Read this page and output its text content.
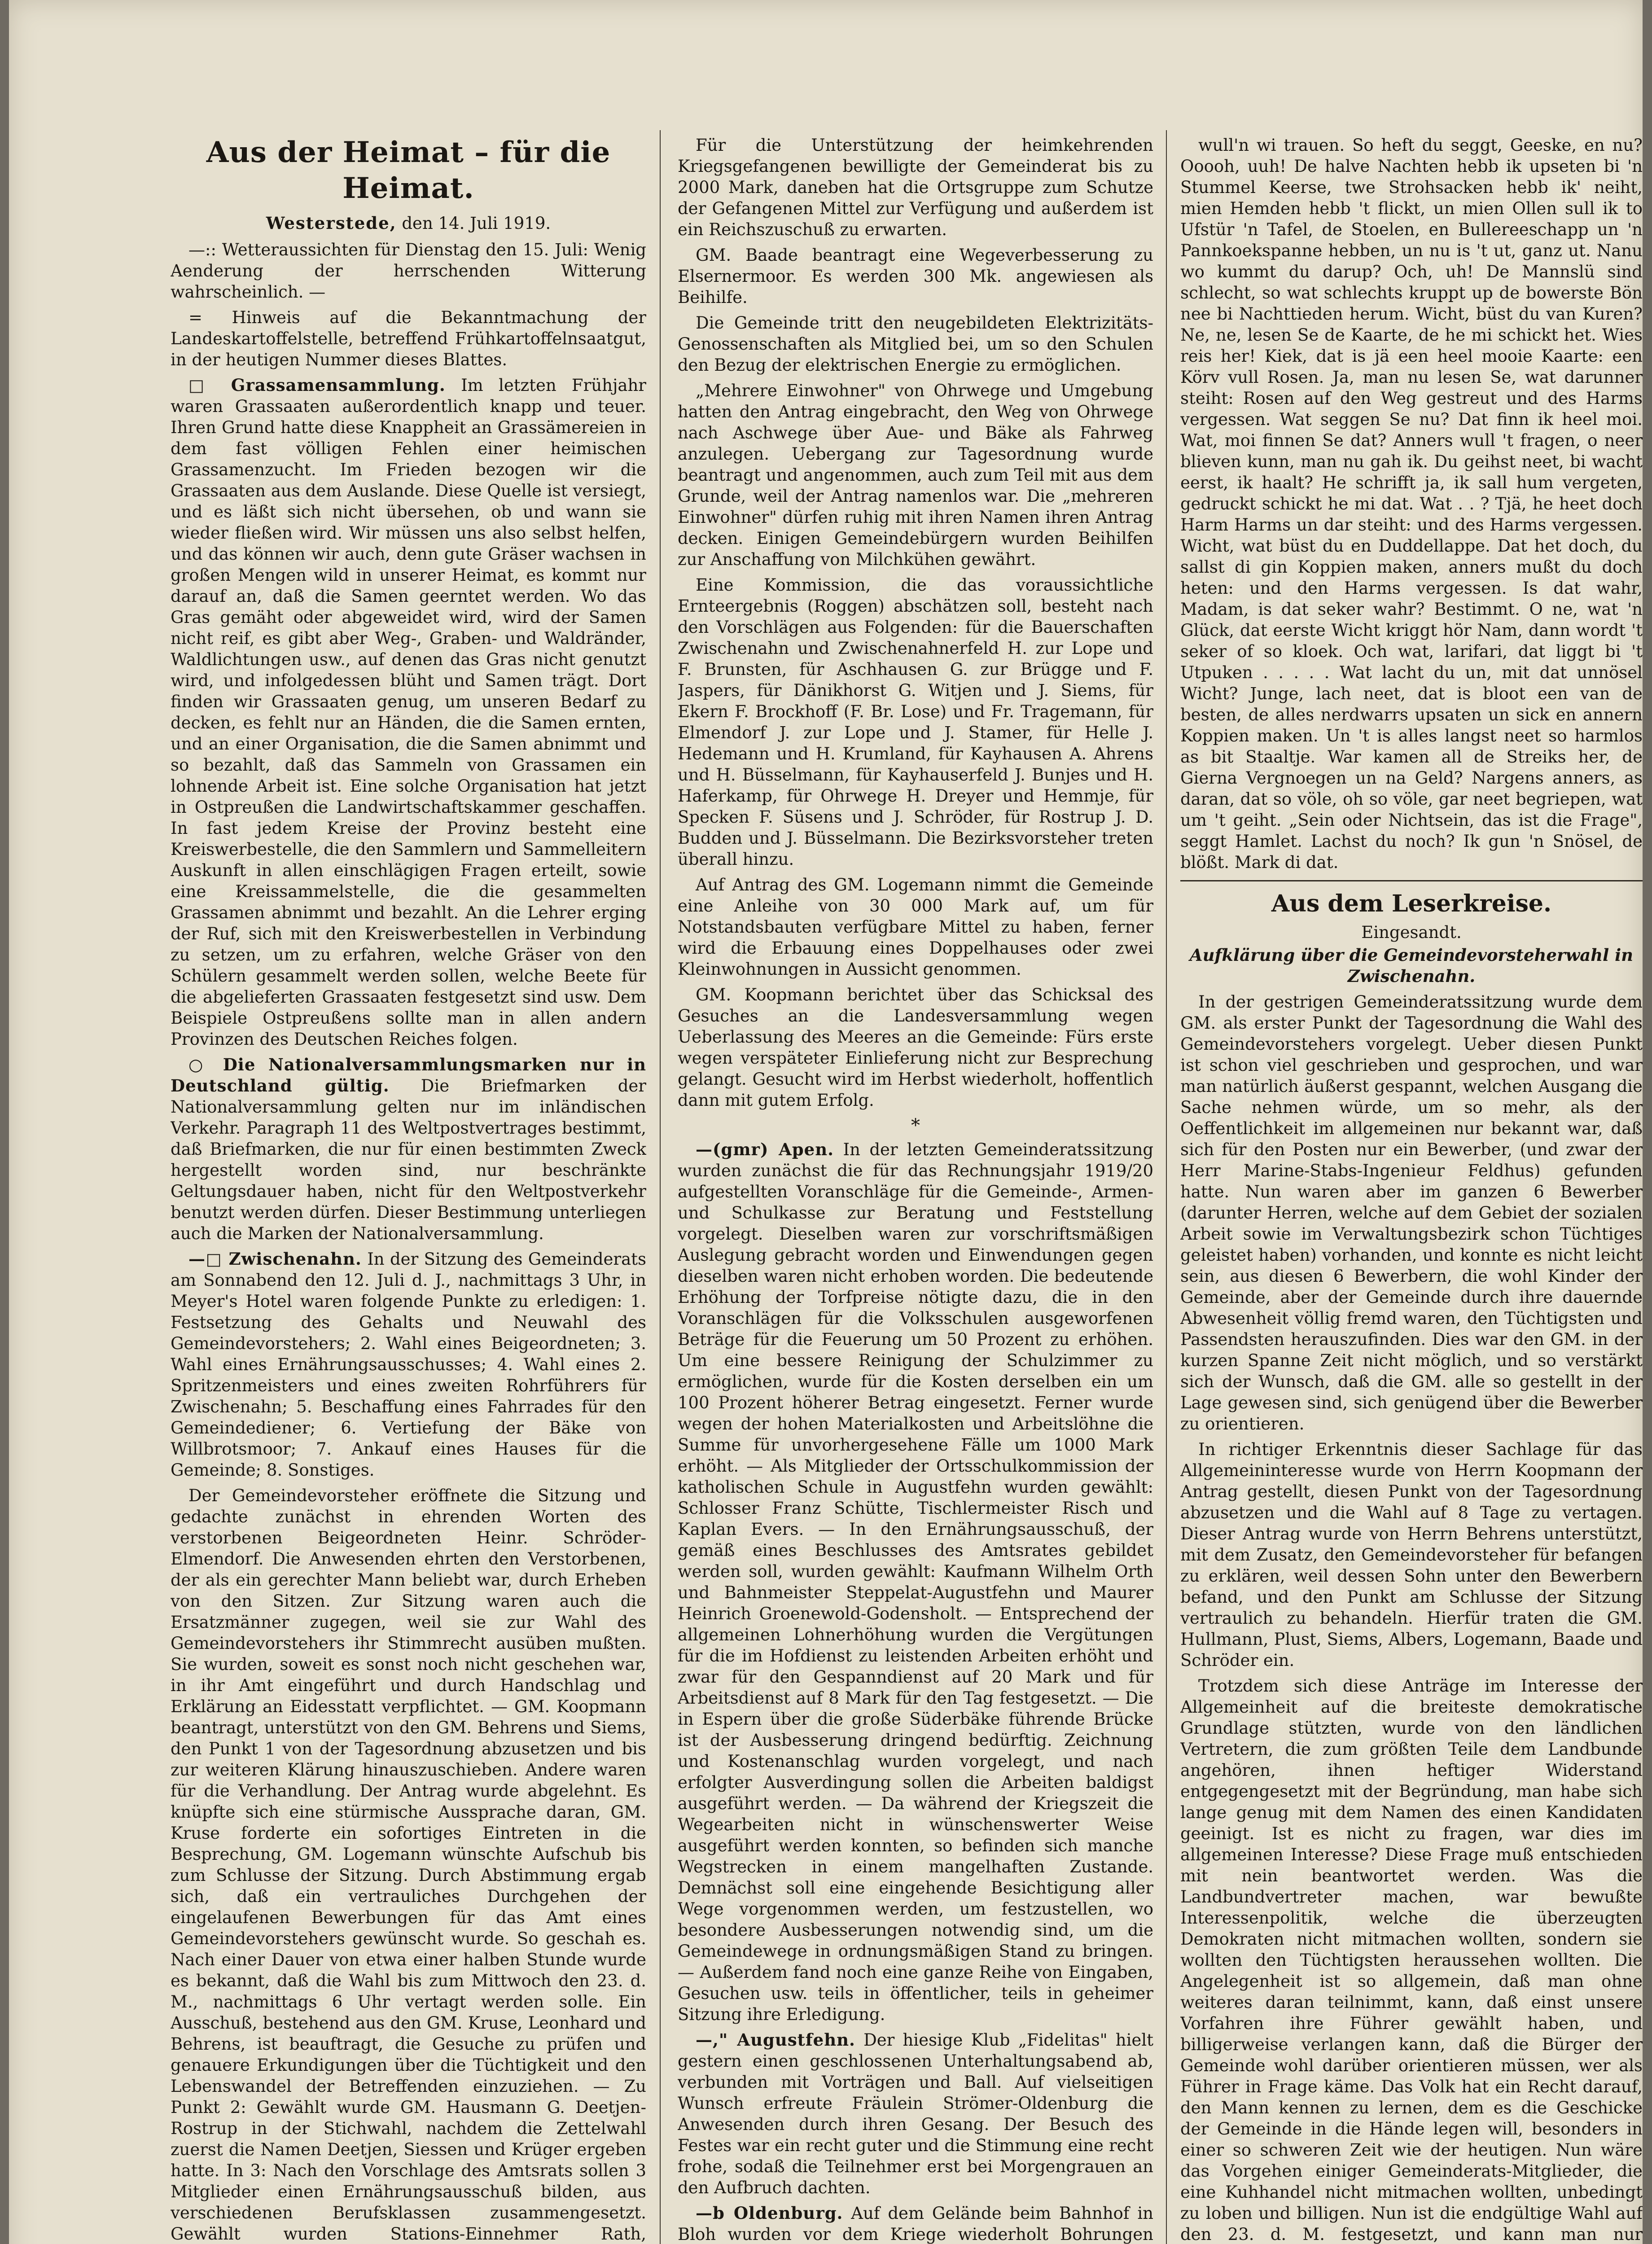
Aus der Heimat – für die Heimat.
Westerstede, den 14. Juli 1919.

—:: Wetteraussichten für Dienstag den 15. Juli: Wenig Aenderung der herrschenden Witterung wahrscheinlich. —

= Hinweis auf die Bekanntmachung der Landeskartoffelstelle, betreffend Frühkartoffelnsaatgut, in der heutigen Nummer dieses Blattes.

□ Grassamensammlung. Im letzten Frühjahr waren Grassaaten außerordentlich knapp und teuer. Ihren Grund hatte diese Knappheit an Grassämereien in dem fast völligen Fehlen einer heimischen Grassamenzucht. Im Frieden bezogen wir die Grassaaten aus dem Auslande. Diese Quelle ist versiegt, und es läßt sich nicht übersehen, ob und wann sie wieder fließen wird. Wir müssen uns also selbst helfen, und das können wir auch, denn gute Gräser wachsen in großen Mengen wild in unserer Heimat, es kommt nur darauf an, daß die Samen geerntet werden. Wo das Gras gemäht oder abgeweidet wird, wird der Samen nicht reif, es gibt aber Weg-, Graben- und Waldränder, Waldlichtungen usw., auf denen das Gras nicht genutzt wird, und infolgedessen blüht und Samen trägt. Dort finden wir Grassaaten genug, um unseren Bedarf zu decken, es fehlt nur an Händen, die die Samen ernten, und an einer Organisation, die die Samen abnimmt und so bezahlt, daß das Sammeln von Grassamen ein lohnende Arbeit ist. Eine solche Organisation hat jetzt in Ostpreußen die Landwirtschaftskammer geschaffen. In fast jedem Kreise der Provinz besteht eine Kreiswerbestelle, die den Sammlern und Sammelleitern Auskunft in allen einschlägigen Fragen erteilt, sowie eine Kreissammelstelle, die die gesammelten Grassamen abnimmt und bezahlt. An die Lehrer erging der Ruf, sich mit den Kreiswerbestellen in Verbindung zu setzen, um zu erfahren, welche Gräser von den Schülern gesammelt werden sollen, welche Beete für die abgelieferten Grassaaten festgesetzt sind usw. Dem Beispiele Ostpreußens sollte man in allen andern Provinzen des Deutschen Reiches folgen.

○ Die Nationalversammlungsmarken nur in Deutschland gültig. Die Briefmarken der Nationalversammlung gelten nur im inländischen Verkehr. Paragraph 11 des Weltpostvertrages bestimmt, daß Briefmarken, die nur für einen bestimmten Zweck hergestellt worden sind, nur beschränkte Geltungsdauer haben, nicht für den Weltpostverkehr benutzt werden dürfen. Dieser Bestimmung unterliegen auch die Marken der Nationalversammlung.

—□ Zwischenahn. In der Sitzung des Gemeinderats am Sonnabend den 12. Juli d. J., nachmittags 3 Uhr, in Meyer's Hotel waren folgende Punkte zu erledigen: 1. Festsetzung des Gehalts und Neuwahl des Gemeindevorstehers; 2. Wahl eines Beigeordneten; 3. Wahl eines Ernährungsausschusses; 4. Wahl eines 2. Spritzenmeisters und eines zweiten Rohrführers für Zwischenahn; 5. Beschaffung eines Fahrrades für den Gemeindediener; 6. Vertiefung der Bäke von Willbrotsmoor; 7. Ankauf eines Hauses für die Gemeinde; 8. Sonstiges.

Der Gemeindevorsteher eröffnete die Sitzung und gedachte zunächst in ehrenden Worten des verstorbenen Beigeordneten Heinr. Schröder-Elmendorf. Die Anwesenden ehrten den Verstorbenen, der als ein gerechter Mann beliebt war, durch Erheben von den Sitzen. Zur Sitzung waren auch die Ersatzmänner zugegen, weil sie zur Wahl des Gemeindevorstehers ihr Stimmrecht ausüben mußten. Sie wurden, soweit es sonst noch nicht geschehen war, in ihr Amt eingeführt und durch Handschlag und Erklärung an Eidesstatt verpflichtet. — GM. Koopmann beantragt, unterstützt von den GM. Behrens und Siems, den Punkt 1 von der Tagesordnung abzusetzen und bis zur weiteren Klärung hinauszuschieben. Andere waren für die Verhandlung. Der Antrag wurde abgelehnt. Es knüpfte sich eine stürmische Aussprache daran, GM. Kruse forderte ein sofortiges Eintreten in die Besprechung, GM. Logemann wünschte Aufschub bis zum Schlusse der Sitzung. Durch Abstimmung ergab sich, daß ein vertrauliches Durchgehen der eingelaufenen Bewerbungen für das Amt eines Gemeindevorstehers gewünscht wurde. So geschah es. Nach einer Dauer von etwa einer halben Stunde wurde es bekannt, daß die Wahl bis zum Mittwoch den 23. d. M., nachmittags 6 Uhr vertagt werden solle. Ein Ausschuß, bestehend aus den GM. Kruse, Leonhard und Behrens, ist beauftragt, die Gesuche zu prüfen und genauere Erkundigungen über die Tüchtigkeit und den Lebenswandel der Betreffenden einzuziehen. — Zu Punkt 2: Gewählt wurde GM. Hausmann G. Deetjen-Rostrup in der Stichwahl, nachdem die Zettelwahl zuerst die Namen Deetjen, Siessen und Krüger ergeben hatte. In 3: Nach den Vorschlage des Amtsrats sollen 3 Mitglieder einen Ernährungsausschuß bilden, aus verschiedenen Berufsklassen zusammengesetzt. Gewählt wurden Stations-Einnehmer Rath,

Für die Unterstützung der heimkehrenden Kriegsgefangenen bewilligte der Gemeinderat bis zu 2000 Mark, daneben hat die Ortsgruppe zum Schutze der Gefangenen Mittel zur Verfügung und außerdem ist ein Reichszuschuß zu erwarten.

GM. Baade beantragt eine Wegeverbesserung zu Elsernermoor. Es werden 300 Mk. angewiesen als Beihilfe.

Die Gemeinde tritt den neugebildeten Elektrizitäts-Genossenschaften als Mitglied bei, um so den Schulen den Bezug der elektrischen Energie zu ermöglichen.

„Mehrere Einwohner" von Ohrwege und Umgebung hatten den Antrag eingebracht, den Weg von Ohrwege nach Aschwege über Aue- und Bäke als Fahrweg anzulegen. Uebergang zur Tagesordnung wurde beantragt und angenommen, auch zum Teil mit aus dem Grunde, weil der Antrag namenlos war. Die „mehreren Einwohner" dürfen ruhig mit ihren Namen ihren Antrag decken. Einigen Gemeindebürgern wurden Beihilfen zur Anschaffung von Milchkühen gewährt.

Eine Kommission, die das voraussichtliche Ernteergebnis (Roggen) abschätzen soll, besteht nach den Vorschlägen aus Folgenden: für die Bauerschaften Zwischenahn und Zwischenahnerfeld H. zur Lope und F. Brunsten, für Aschhausen G. zur Brügge und F. Jaspers, für Dänikhorst G. Witjen und J. Siems, für Ekern F. Brockhoff (F. Br. Lose) und Fr. Tragemann, für Elmendorf J. zur Lope und J. Stamer, für Helle J. Hedemann und H. Krumland, für Kayhausen A. Ahrens und H. Büsselmann, für Kayhauserfeld J. Bunjes und H. Haferkamp, für Ohrwege H. Dreyer und Hemmje, für Specken F. Süsens und J. Schröder, für Rostrup J. D. Budden und J. Büsselmann. Die Bezirksvorsteher treten überall hinzu.

Auf Antrag des GM. Logemann nimmt die Gemeinde eine Anleihe von 30 000 Mark auf, um für Notstandsbauten verfügbare Mittel zu haben, ferner wird die Erbauung eines Doppelhauses oder zwei Kleinwohnungen in Aussicht genommen.

GM. Koopmann berichtet über das Schicksal des Gesuches an die Landesversammlung wegen Ueberlassung des Meeres an die Gemeinde: Fürs erste wegen verspäteter Einlieferung nicht zur Besprechung gelangt. Gesucht wird im Herbst wiederholt, hoffentlich dann mit gutem Erfolg.

*

—(gmr) Apen. In der letzten Gemeinderatssitzung wurden zunächst die für das Rechnungsjahr 1919/20 aufgestellten Voranschläge für die Gemeinde-, Armen- und Schulkasse zur Beratung und Feststellung vorgelegt. Dieselben waren zur vorschriftsmäßigen Auslegung gebracht worden und Einwendungen gegen dieselben waren nicht erhoben worden. Die bedeutende Erhöhung der Torfpreise nötigte dazu, die in den Voranschlägen für die Volksschulen ausgeworfenen Beträge für die Feuerung um 50 Prozent zu erhöhen. Um eine bessere Reinigung der Schulzimmer zu ermöglichen, wurde für die Kosten derselben ein um 100 Prozent höherer Betrag eingesetzt. Ferner wurde wegen der hohen Materialkosten und Arbeitslöhne die Summe für unvorhergesehene Fälle um 1000 Mark erhöht. — Als Mitglieder der Ortsschulkommission der katholischen Schule in Augustfehn wurden gewählt: Schlosser Franz Schütte, Tischlermeister Risch und Kaplan Evers. — In den Ernährungsausschuß, der gemäß eines Beschlusses des Amtsrates gebildet werden soll, wurden gewählt: Kaufmann Wilhelm Orth und Bahnmeister Steppelat-Augustfehn und Maurer Heinrich Groenewold-Godensholt. — Entsprechend der allgemeinen Lohnerhöhung wurden die Vergütungen für die im Hofdienst zu leistenden Arbeiten erhöht und zwar für den Gespanndienst auf 20 Mark und für Arbeitsdienst auf 8 Mark für den Tag festgesetzt. — Die in Espern über die große Süderbäke führende Brücke ist der Ausbesserung dringend bedürftig. Zeichnung und Kostenanschlag wurden vorgelegt, und nach erfolgter Ausverdingung sollen die Arbeiten baldigst ausgeführt werden. — Da während der Kriegszeit die Wegearbeiten nicht in wünschenswerter Weise ausgeführt werden konnten, so befinden sich manche Wegstrecken in einem mangelhaften Zustande. Demnächst soll eine eingehende Besichtigung aller Wege vorgenommen werden, um festzustellen, wo besondere Ausbesserungen notwendig sind, um die Gemeindewege in ordnungsmäßigen Stand zu bringen. — Außerdem fand noch eine ganze Reihe von Eingaben, Gesuchen usw. teils in öffentlicher, teils in geheimer Sitzung ihre Erledigung.

—," Augustfehn. Der hiesige Klub „Fidelitas" hielt gestern einen geschlossenen Unterhaltungsabend ab, verbunden mit Vorträgen und Ball. Auf vielseitigen Wunsch erfreute Fräulein Strömer-Oldenburg die Anwesenden durch ihren Gesang. Der Besuch des Festes war ein recht guter und die Stimmung eine recht frohe, sodaß die Teilnehmer erst bei Morgengrauen an den Aufbruch dachten.

—b Oldenburg. Auf dem Gelände beim Bahnhof in Bloh wurden vor dem Kriege wiederholt Bohrungen

wull'n wi trauen. So heft du seggt, Geeske, en nu? Ooooh, uuh! De halve Nachten hebb ik upseten bi 'n Stummel Keerse, twe Strohsacken hebb ik' neiht, mien Hemden hebb 't flickt, un mien Ollen sull ik to Ufstür 'n Tafel, de Stoelen, en Bullereeschapp un 'n Pannkoekspanne hebben, un nu is 't ut, ganz ut. Nanu wo kummt du darup? Och, uh! De Mannslü sind schlecht, so wat schlechts kruppt up de bowerste Bön nee bi Nachttieden herum. Wicht, büst du van Kuren? Ne, ne, lesen Se de Kaarte, de he mi schickt het. Wies reis her! Kiek, dat is jä een heel mooie Kaarte: een Körv vull Rosen. Ja, man nu lesen Se, wat darunner steiht: Rosen auf den Weg gestreut und des Harms vergessen. Wat seggen Se nu? Dat finn ik heel moi. Wat, moi finnen Se dat? Anners wull 't fragen, o neer blieven kunn, man nu gah ik. Du geihst neet, bi wacht eerst, ik haalt? He schrifft ja, ik sall hum vergeten, gedruckt schickt he mi dat. Wat . . ? Tjä, he heet doch Harm Harms un dar steiht: und des Harms vergessen. Wicht, wat büst du en Duddellappe. Dat het doch, du sallst di gin Koppien maken, anners mußt du doch heten: und den Harms vergessen. Is dat wahr, Madam, is dat seker wahr? Bestimmt. O ne, wat 'n Glück, dat eerste Wicht kriggt hör Nam, dann wordt 't seker of so kloek. Och wat, larifari, dat liggt bi 't Utpuken . . . . . Wat lacht du un, mit dat unnösel Wicht? Junge, lach neet, dat is bloot een van de besten, de alles nerdwarrs upsaten un sick en annern Koppien maken. Un 't is alles langst neet so harmlos as bit Staaltje. War kamen all de Streiks her, de Gierna Vergnoegen un na Geld? Nargens anners, as daran, dat so völe, oh so völe, gar neet begriepen, wat um 't geiht. „Sein oder Nichtsein, das ist die Frage", seggt Hamlet. Lachst du noch? Ik gun 'n Snösel, de blößt. Mark di dat.

Aus dem Leserkreise.

Eingesandt.

Aufklärung über die Gemeindevorsteherwahl in Zwischenahn.

In der gestrigen Gemeinderatssitzung wurde dem GM. als erster Punkt der Tagesordnung die Wahl des Gemeindevorstehers vorgelegt. Ueber diesen Punkt ist schon viel geschrieben und gesprochen, und war man natürlich äußerst gespannt, welchen Ausgang die Sache nehmen würde, um so mehr, als der Oeffentlichkeit im allgemeinen nur bekannt war, daß sich für den Posten nur ein Bewerber, (und zwar der Herr Marine-Stabs-Ingenieur Feldhus) gefunden hatte. Nun waren aber im ganzen 6 Bewerber (darunter Herren, welche auf dem Gebiet der sozialen Arbeit sowie im Verwaltungsbezirk schon Tüchtiges geleistet haben) vorhanden, und konnte es nicht leicht sein, aus diesen 6 Bewerbern, die wohl Kinder der Gemeinde, aber der Gemeinde durch ihre dauernde Abwesenheit völlig fremd waren, den Tüchtigsten und Passendsten herauszufinden. Dies war den GM. in der kurzen Spanne Zeit nicht möglich, und so verstärkt sich der Wunsch, daß die GM. alle so gestellt in der Lage gewesen sind, sich genügend über die Bewerber zu orientieren.

In richtiger Erkenntnis dieser Sachlage für das Allgemeininteresse wurde von Herrn Koopmann der Antrag gestellt, diesen Punkt von der Tagesordnung abzusetzen und die Wahl auf 8 Tage zu vertagen. Dieser Antrag wurde von Herrn Behrens unterstützt, mit dem Zusatz, den Gemeindevorsteher für befangen zu erklären, weil dessen Sohn unter den Bewerbern befand, und den Punkt am Schlusse der Sitzung vertraulich zu behandeln. Hierfür traten die GM. Hullmann, Plust, Siems, Albers, Logemann, Baade und Schröder ein.

Trotzdem sich diese Anträge im Interesse der Allgemeinheit auf die breiteste demokratische Grundlage stützten, wurde von den ländlichen Vertretern, die zum größten Teile dem Landbunde angehören, ihnen heftiger Widerstand entgegengesetzt mit der Begründung, man habe sich lange genug mit dem Namen des einen Kandidaten geeinigt. Ist es nicht zu fragen, war dies im allgemeinen Interesse? Diese Frage muß entschieden mit nein beantwortet werden. Was die Landbundvertreter machen, war bewußte Interessenpolitik, welche die überzeugten Demokraten nicht mitmachen wollten, sondern sie wollten den Tüchtigsten heraussehen wollten. Die Angelegenheit ist so allgemein, daß man ohne weiteres daran teilnimmt, kann, daß einst unsere Vorfahren ihre Führer gewählt haben, und billigerweise verlangen kann, daß die Bürger der Gemeinde wohl darüber orientieren müssen, wer als Führer in Frage käme. Das Volk hat ein Recht darauf, den Mann kennen zu lernen, dem es die Geschicke der Gemeinde in die Hände legen will, besonders in einer so schweren Zeit wie der heutigen. Nun wäre das Vorgehen einiger Gemeinderats-Mitglieder, die eine Kuhhandel nicht mitmachen wollten, unbedingt zu loben und billigen. Nun ist die endgültige Wahl auf den 23. d. M. festgesetzt, und kann man nur
